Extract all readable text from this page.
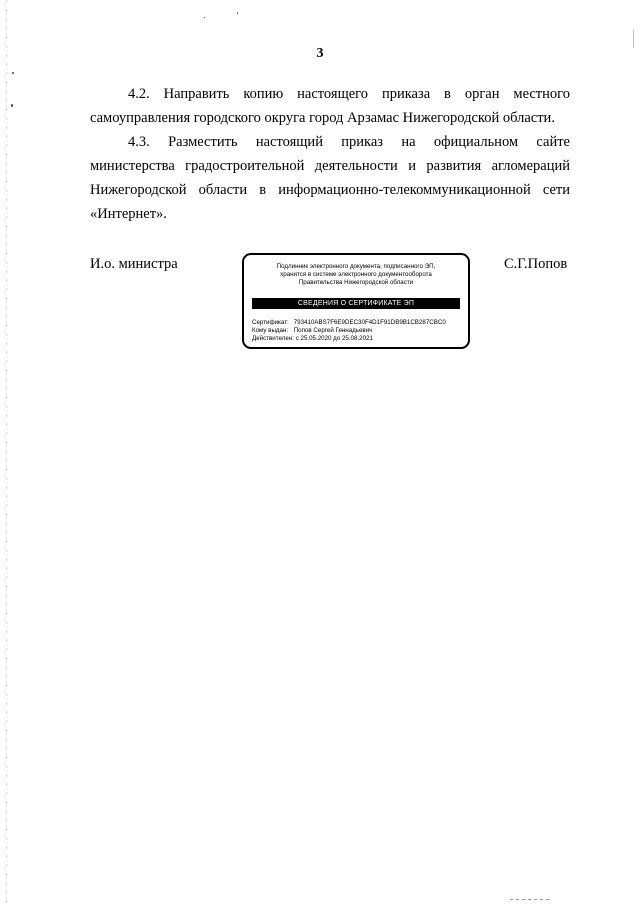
3

4.2. Направить копию настоящего приказа в орган местного самоуправления городского округа город Арзамас Нижегородской области.

4.3. Разместить настоящий приказ на официальном сайте министерства градостроительной деятельности и развития агломераций Нижегородской области в информационно-телекоммуникационной сети «Интернет».

И.о. министра	Подлинник электронного документа, подписанного ЭП,
хранится в системе электронного документооборота
Правительства Нижегородской области
СВЕДЕНИЯ О СЕРТИФИКАТЕ ЭП
Сертификат: 793410ABS7F6E9DEC30F4D1F91DB9B1CB287CBC0
Кому выдан: Попов Сергей Геннадьевич
Действителен: с 25.05.2020 до 25.08.2021
С.Г.Попов
